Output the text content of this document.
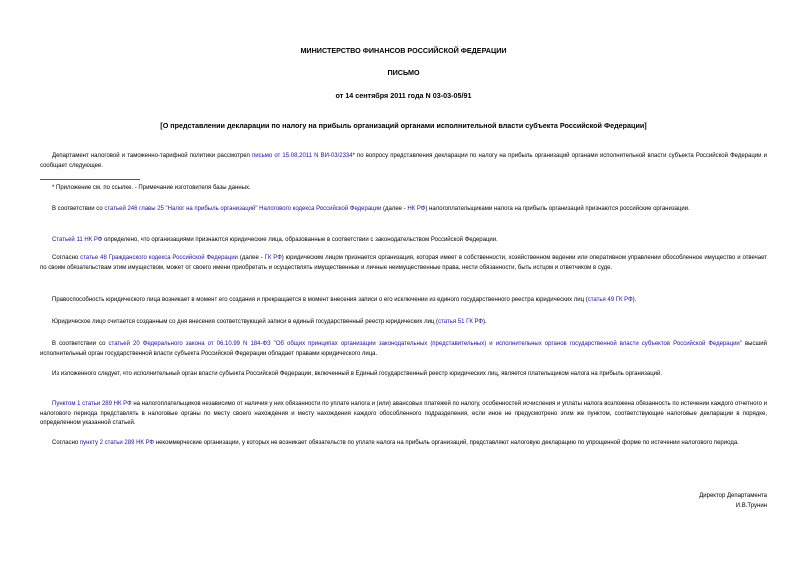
МИНИСТЕРСТВО ФИНАНСОВ РОССИЙСКОЙ ФЕДЕРАЦИИ

ПИСЬМО

от 14 сентября 2011 года N 03-03-05/91

[О представлении декларации по налогу на прибыль организаций органами исполнительной власти субъекта Российской Федерации]

Департамент налоговой и таможенно-тарифной политики рассмотрел письмо от 15.08.2011 N ВИ-03/2334* по вопросу представления декларации по налогу на прибыль организаций органами исполнительной власти субъекта Российской Федерации и сообщает следующее.

* Приложение см. по ссылке. - Примечание изготовителя базы данных.

В соответствии со статьей 246 главы 25 "Налог на прибыль организаций" Налогового кодекса Российской Федерации (далее - НК РФ) налогоплательщиками налога на прибыль организаций признаются российские организации.

Статьей 11 НК РФ определено, что организациями признаются юридические лица, образованные в соответствии с законодательством Российской Федерации.

Согласно статье 48 Гражданского кодекса Российской Федерации (далее - ГК РФ) юридическим лицом признается организация, которая имеет в собственности, хозяйственном ведении или оперативном управлении обособленное имущество и отвечает по своим обязательствам этим имуществом, может от своего имени приобретать и осуществлять имущественные и личные неимущественные права, нести обязанности, быть истцом и ответчиком в суде.

Правоспособность юридического лица возникает в момент его создания и прекращается в момент внесения записи о его исключении из единого государственного реестра юридических лиц (статья 49 ГК РФ).

Юридическое лицо считается созданным со дня внесения соответствующей записи в единый государственный реестр юридических лиц (статья 51 ГК РФ).

В соответствии со статьей 20 Федерального закона от 06.10.99 N 184-ФЗ "Об общих принципах организации законодательных (представительных) и исполнительных органов государственной власти субъектов Российской Федерации" высший исполнительный орган государственной власти субъекта Российской Федерации обладает правами юридического лица.

Из изложенного следует, что исполнительный орган власти субъекта Российской Федерации, включенный в Единый государственный реестр юридических лиц, является плательщиком налога на прибыль организаций.

Пунктом 1 статьи 289 НК РФ на налогоплательщиков независимо от наличия у них обязанности по уплате налога и (или) авансовых платежей по налогу, особенностей исчисления и уплаты налога возложена обязанность по истечении каждого отчетного и налогового периода представлять в налоговые органы по месту своего нахождения и месту нахождения каждого обособленного подразделения, если иное не предусмотрено этим же пунктом, соответствующие налоговые декларации в порядке, определенном указанной статьей.

Согласно пункту 2 статьи 289 НК РФ некоммерческие организации, у которых не возникает обязательств по уплате налога на прибыль организаций, представляют налоговую декларацию по упрощенной форме по истечении налогового периода.

Директор Департамента
И.В.Трунин
